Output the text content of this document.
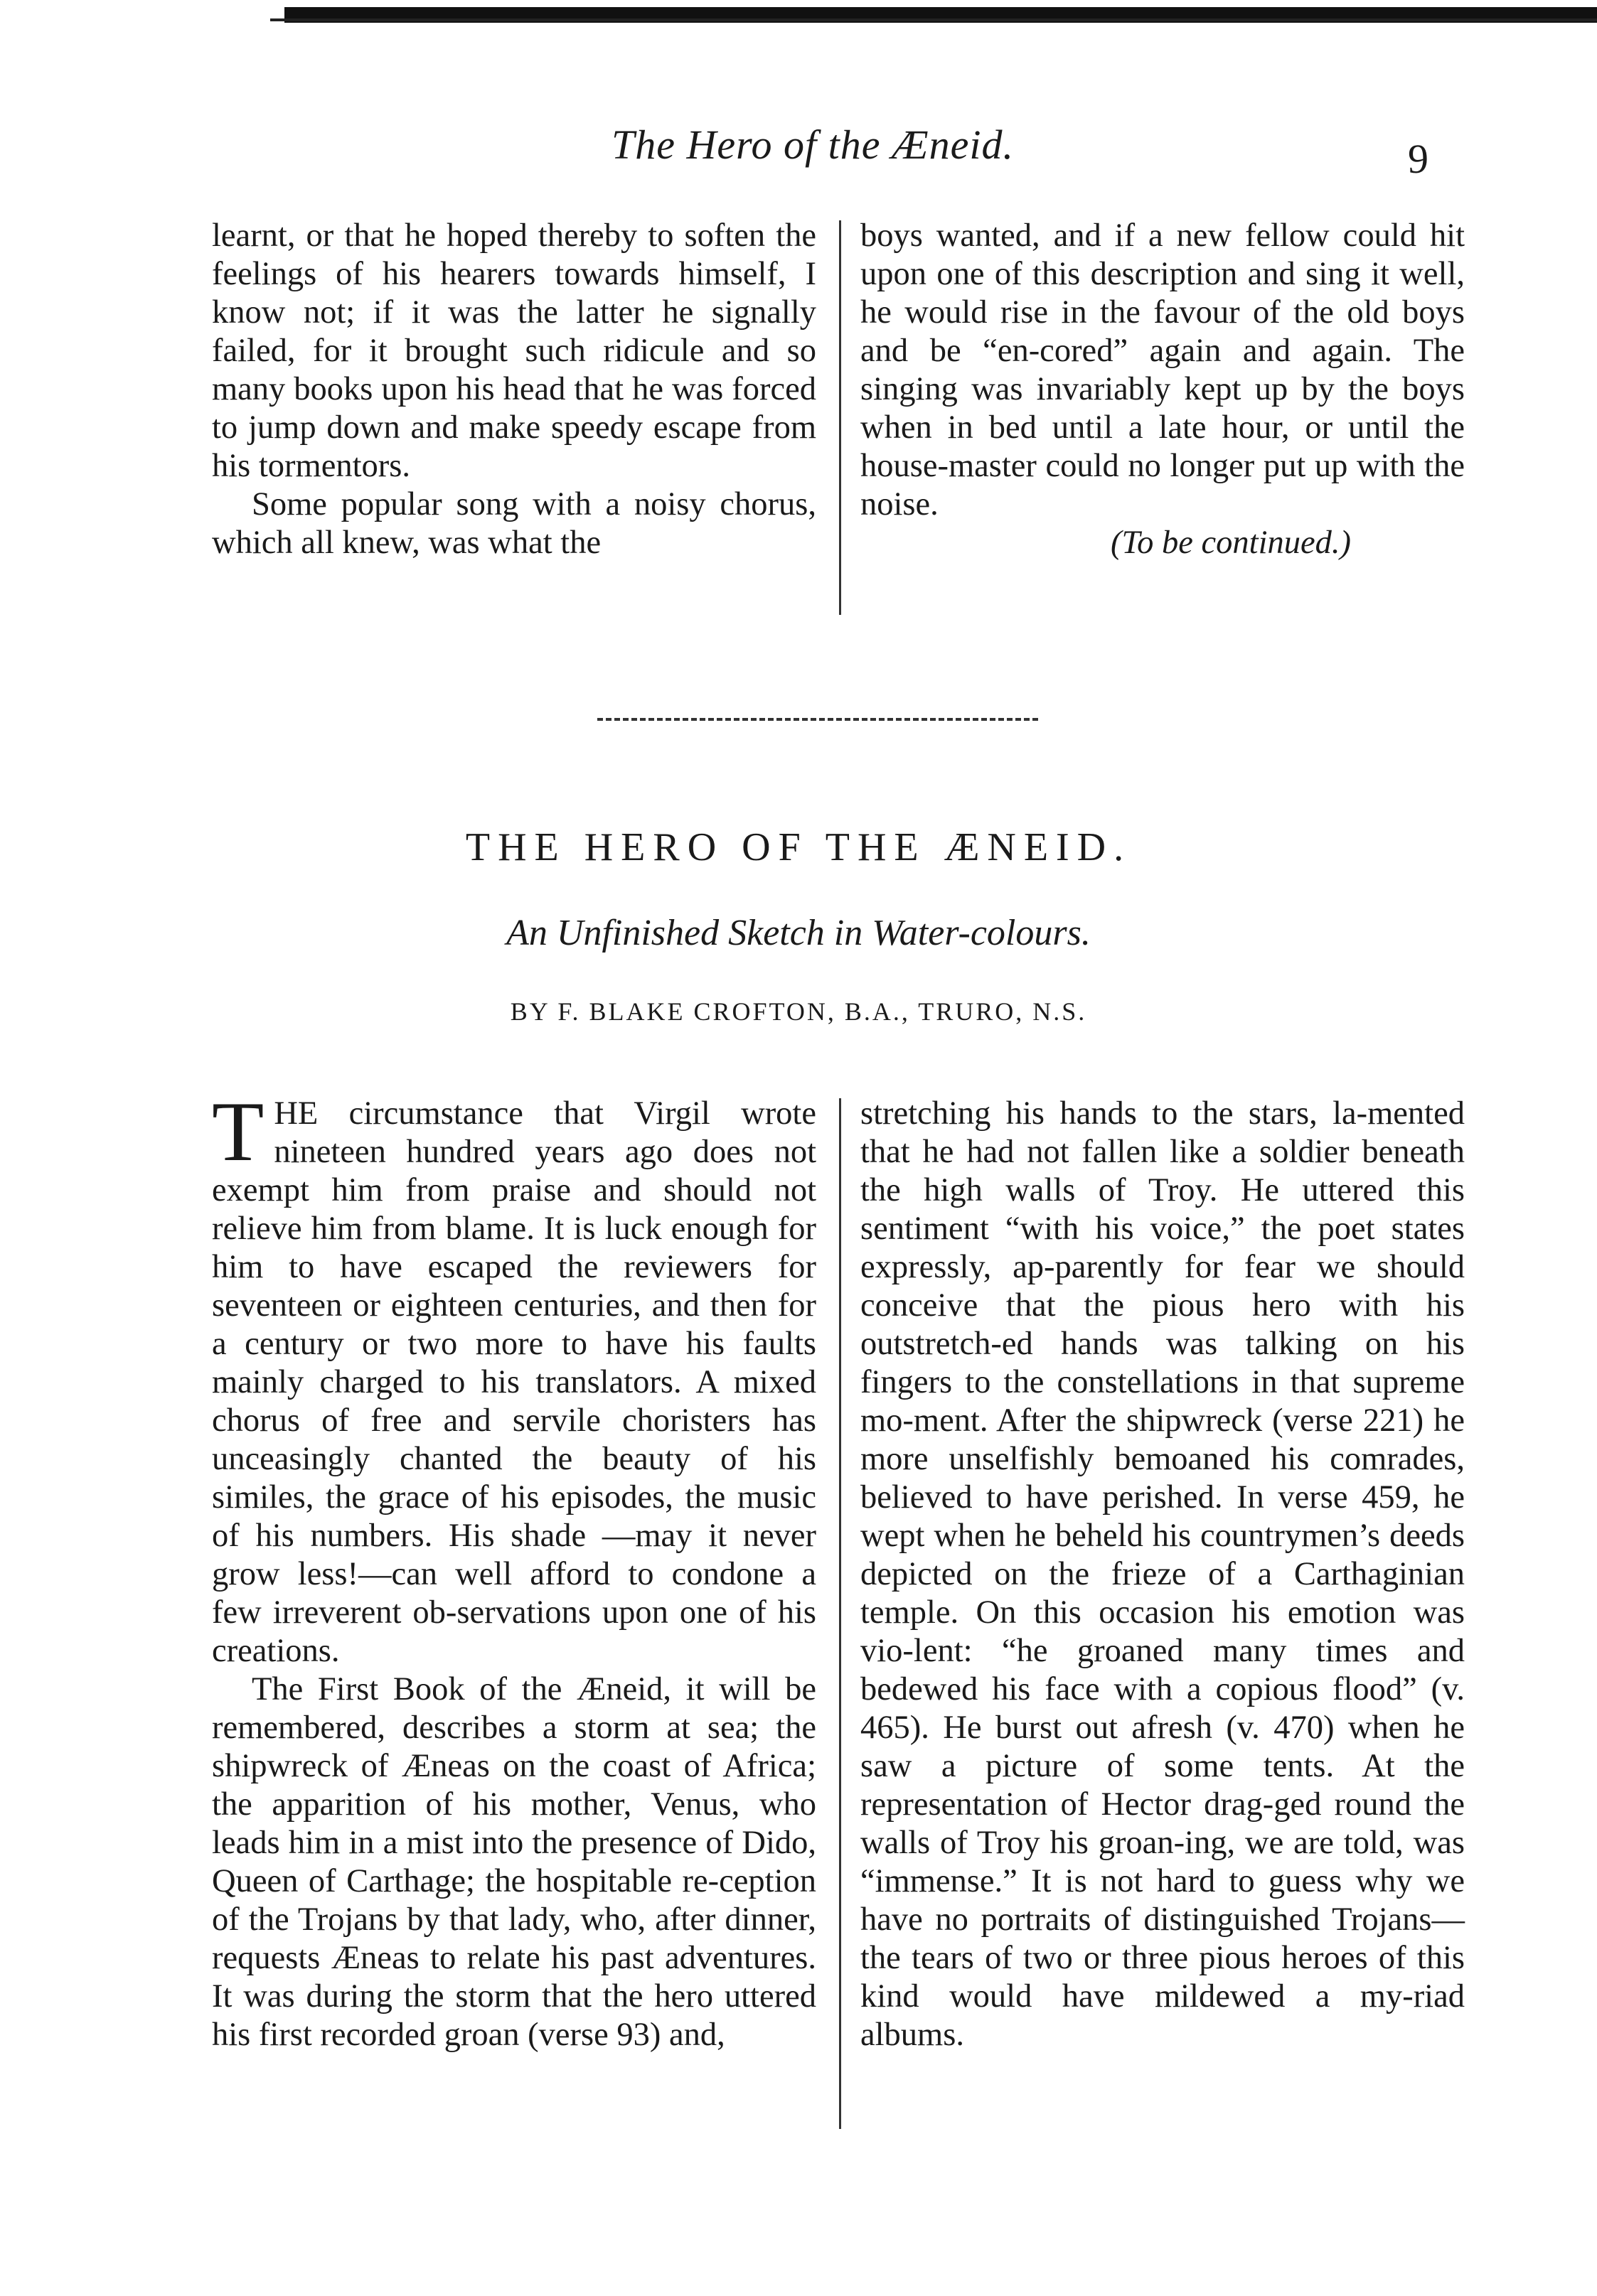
The Hero of the Æneid.	9

learnt, or that he hoped thereby to soften the feelings of his hearers towards himself, I know not; if it was the latter he signally failed, for it brought such ridicule and so many books upon his head that he was forced to jump down and make speedy escape from his tormentors.

Some popular song with a noisy chorus, which all knew, was what the

boys wanted, and if a new fellow could hit upon one of this description and sing it well, he would rise in the favour of the old boys and be “en-cored” again and again. The singing was invariably kept up by the boys when in bed until a late hour, or until the house-master could no longer put up with the noise.

(To be continued.)

THE HERO OF THE ÆNEID.
An Unfinished Sketch in Water-colours.
BY F. BLAKE CROFTON, B.A., TRURO, N.S.

THE circumstance that Virgil wrote nineteen hundred years ago does not exempt him from praise and should not relieve him from blame. It is luck enough for him to have escaped the reviewers for seventeen or eighteen centuries, and then for a century or two more to have his faults mainly charged to his translators. A mixed chorus of free and servile choristers has unceasingly chanted the beauty of his similes, the grace of his episodes, the music of his numbers. His shade —may it never grow less!—can well afford to condone a few irreverent ob-servations upon one of his creations.

The First Book of the Æneid, it will be remembered, describes a storm at sea; the shipwreck of Æneas on the coast of Africa; the apparition of his mother, Venus, who leads him in a mist into the presence of Dido, Queen of Carthage; the hospitable re-ception of the Trojans by that lady, who, after dinner, requests Æneas to relate his past adventures. It was during the storm that the hero uttered his first recorded groan (verse 93) and,

stretching his hands to the stars, la-mented that he had not fallen like a soldier beneath the high walls of Troy. He uttered this sentiment “with his voice,” the poet states expressly, ap-parently for fear we should conceive that the pious hero with his outstretch-ed hands was talking on his fingers to the constellations in that supreme mo-ment. After the shipwreck (verse 221) he more unselfishly bemoaned his comrades, believed to have perished. In verse 459, he wept when he beheld his countrymen’s deeds depicted on the frieze of a Carthaginian temple. On this occasion his emotion was vio-lent: “he groaned many times and bedewed his face with a copious flood” (v. 465). He burst out afresh (v. 470) when he saw a picture of some tents. At the representation of Hector drag-ged round the walls of Troy his groan-ing, we are told, was “immense.” It is not hard to guess why we have no portraits of distinguished Trojans—the tears of two or three pious heroes of this kind would have mildewed a my-riad albums.
